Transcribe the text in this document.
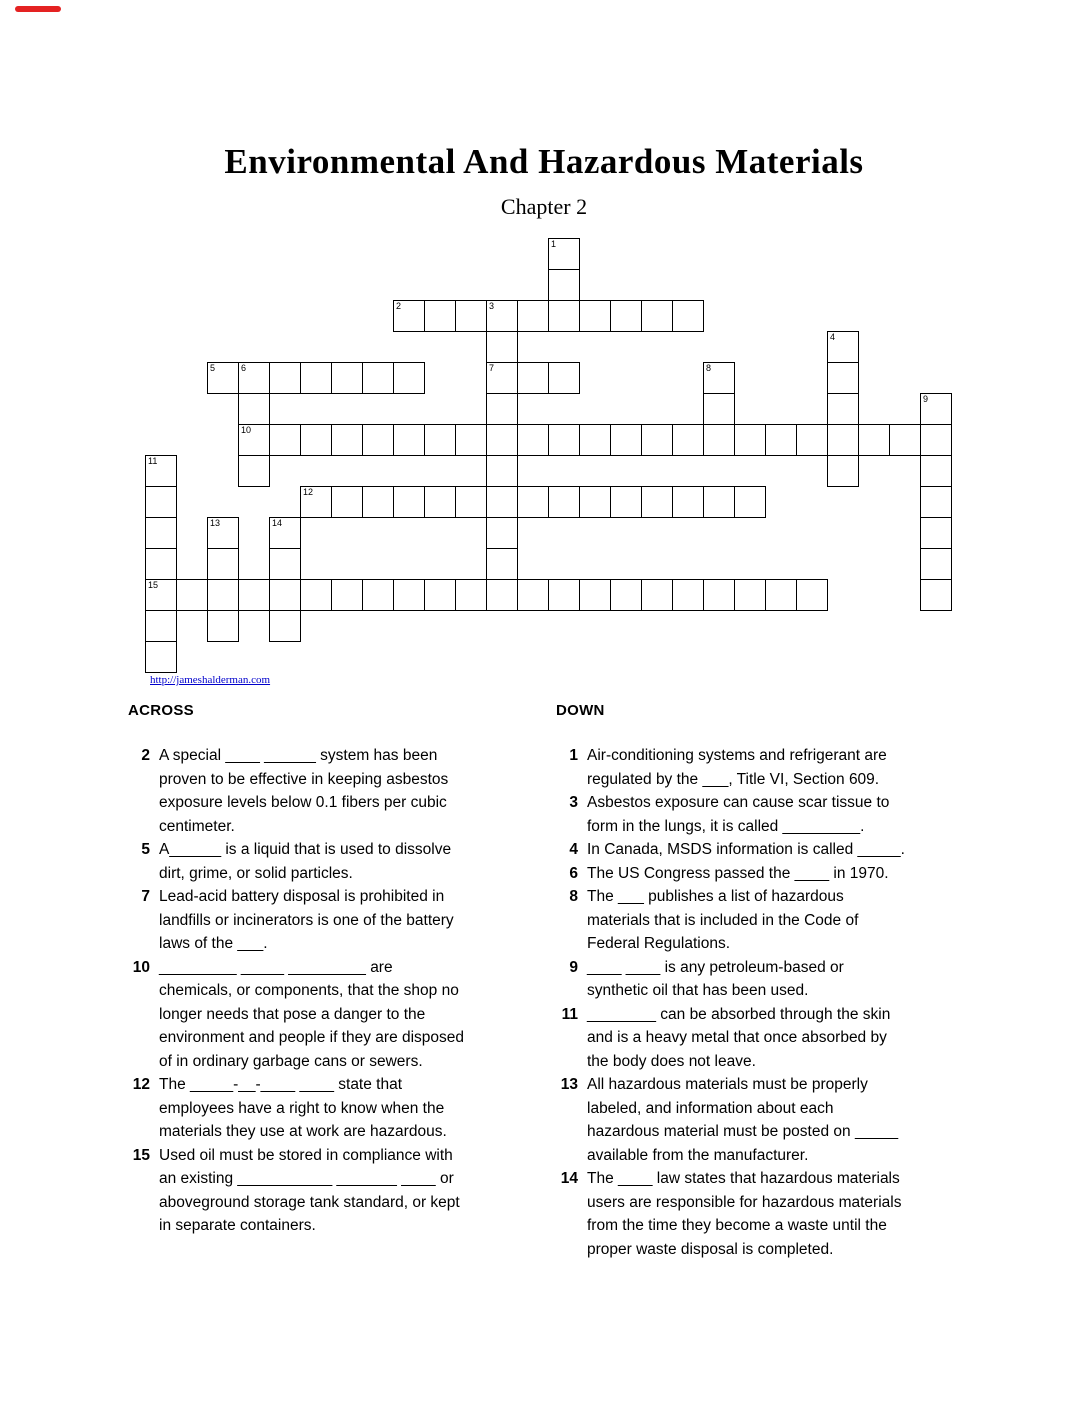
Environmental And Hazardous Materials
Chapter 2
1
2	3
7
4
5	6
10
8
9
11
15
12
13	14
http://jameshalderman.com
ACROSS
2 A special ____ ______ system has been proven to be effective in keeping asbestos exposure levels below 0.1 fibers per cubic centimeter.
5 A______ is a liquid that is used to dissolve dirt, grime, or solid particles.
7 Lead-acid battery disposal is prohibited in landfills or incinerators is one of the battery laws of the ___.
10 _________ _____ _________ are chemicals, or components, that the shop no longer needs that pose a danger to the environment and people if they are disposed of in ordinary garbage cans or sewers.
12 The _____-__-____ ____ state that employees have a right to know when the materials they use at work are hazardous.
15 Used oil must be stored in compliance with an existing ___________ _______ ____ or aboveground storage tank standard, or kept in separate containers.
DOWN
1 Air-conditioning systems and refrigerant are regulated by the ___, Title VI, Section 609.
3 Asbestos exposure can cause scar tissue to form in the lungs, it is called _________.
4 In Canada, MSDS information is called _____.
6 The US Congress passed the ____ in 1970.
8 The ___ publishes a list of hazardous materials that is included in the Code of Federal Regulations.
9 ____ ____ is any petroleum-based or synthetic oil that has been used.
11 ________ can be absorbed through the skin and is a heavy metal that once absorbed by the body does not leave.
13 All hazardous materials must be properly labeled, and information about each hazardous material must be posted on _____ available from the manufacturer.
14 The ____ law states that hazardous materials users are responsible for hazardous materials from the time they become a waste until the proper waste disposal is completed.
